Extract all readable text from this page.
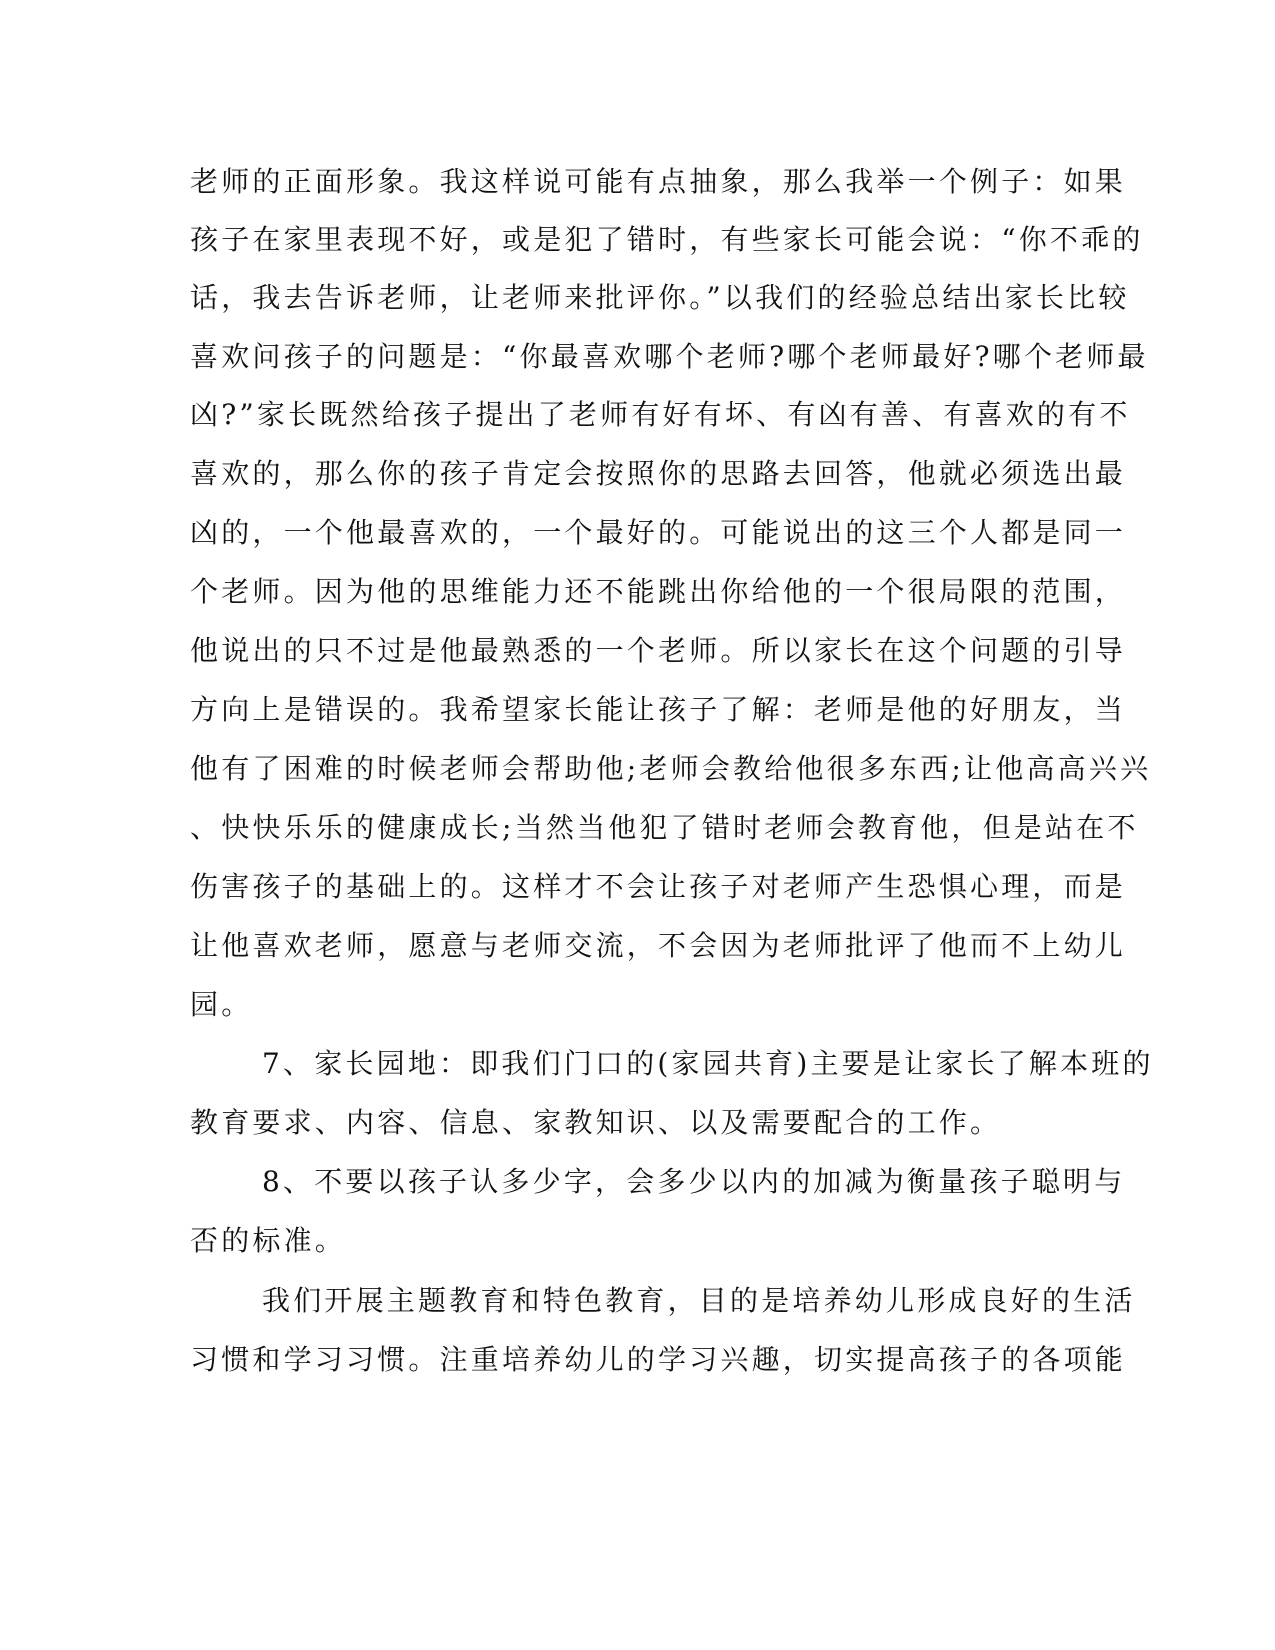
老师的正面形象。我这样说可能有点抽象，那么我举一个例子：如果
孩子在家里表现不好，或是犯了错时，有些家长可能会说：“你不乖的
话，我去告诉老师，让老师来批评你。”以我们的经验总结出家长比较
喜欢问孩子的问题是：“你最喜欢哪个老师?哪个老师最好?哪个老师最
凶?”家长既然给孩子提出了老师有好有坏、有凶有善、有喜欢的有不
喜欢的，那么你的孩子肯定会按照你的思路去回答，他就必须选出最
凶的，一个他最喜欢的，一个最好的。可能说出的这三个人都是同一
个老师。因为他的思维能力还不能跳出你给他的一个很局限的范围，
他说出的只不过是他最熟悉的一个老师。所以家长在这个问题的引导
方向上是错误的。我希望家长能让孩子了解：老师是他的好朋友，当
他有了困难的时候老师会帮助他;老师会教给他很多东西;让他高高兴兴
、快快乐乐的健康成长;当然当他犯了错时老师会教育他，但是站在不
伤害孩子的基础上的。这样才不会让孩子对老师产生恐惧心理，而是
让他喜欢老师，愿意与老师交流，不会因为老师批评了他而不上幼儿
园。
7、家长园地：即我们门口的(家园共育)主要是让家长了解本班的
教育要求、内容、信息、家教知识、以及需要配合的工作。
8、不要以孩子认多少字，会多少以内的加减为衡量孩子聪明与
否的标准。
我们开展主题教育和特色教育，目的是培养幼儿形成良好的生活
习惯和学习习惯。注重培养幼儿的学习兴趣，切实提高孩子的各项能
